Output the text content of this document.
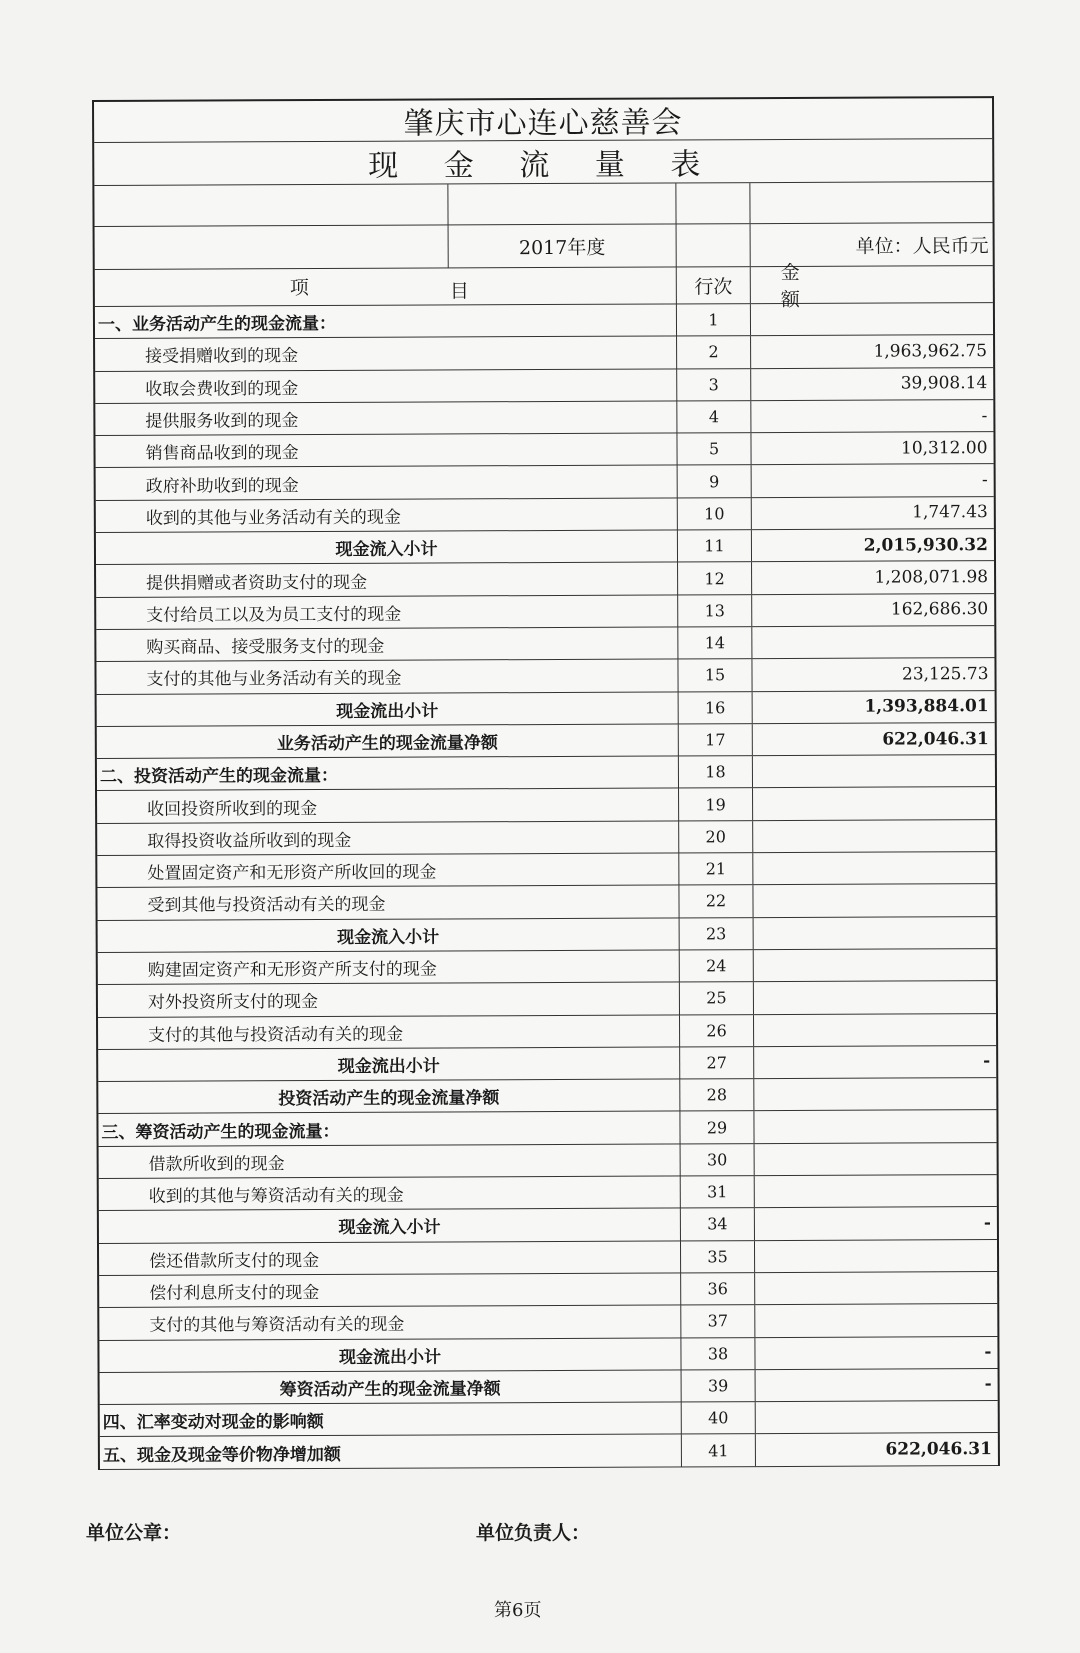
肇庆市心连心慈善会
现 金 流 量 表
2017年度	单位：人民币元
项	目	行次
金 额
一、业务活动产生的现金流量：	1
接受捐赠收到的现金	2	1,963,962.75
收取会费收到的现金	3	39,908.14
提供服务收到的现金	4	-
销售商品收到的现金	5	10,312.00
政府补助收到的现金	9	-
收到的其他与业务活动有关的现金	10	1,747.43
现金流入小计	11	2,015,930.32
提供捐赠或者资助支付的现金	12	1,208,071.98
支付给员工以及为员工支付的现金	13	162,686.30
购买商品、接受服务支付的现金	14
支付的其他与业务活动有关的现金	15	23,125.73
现金流出小计	16	1,393,884.01
业务活动产生的现金流量净额	17	622,046.31
二、投资活动产生的现金流量：	18
收回投资所收到的现金	19
取得投资收益所收到的现金	20
处置固定资产和无形资产所收回的现金	21
受到其他与投资活动有关的现金	22
现金流入小计	23
购建固定资产和无形资产所支付的现金	24
对外投资所支付的现金	25
支付的其他与投资活动有关的现金	26
现金流出小计	27	-
投资活动产生的现金流量净额	28
三、筹资活动产生的现金流量：	29
借款所收到的现金	30
收到的其他与筹资活动有关的现金	31
现金流入小计	34	-
偿还借款所支付的现金	35
偿付利息所支付的现金	36
支付的其他与筹资活动有关的现金	37
现金流出小计	38	-
筹资活动产生的现金流量净额	39	-
四、汇率变动对现金的影响额	40
五、现金及现金等价物净增加额	41	622,046.31
单位公章：	单位负责人：
第6页
